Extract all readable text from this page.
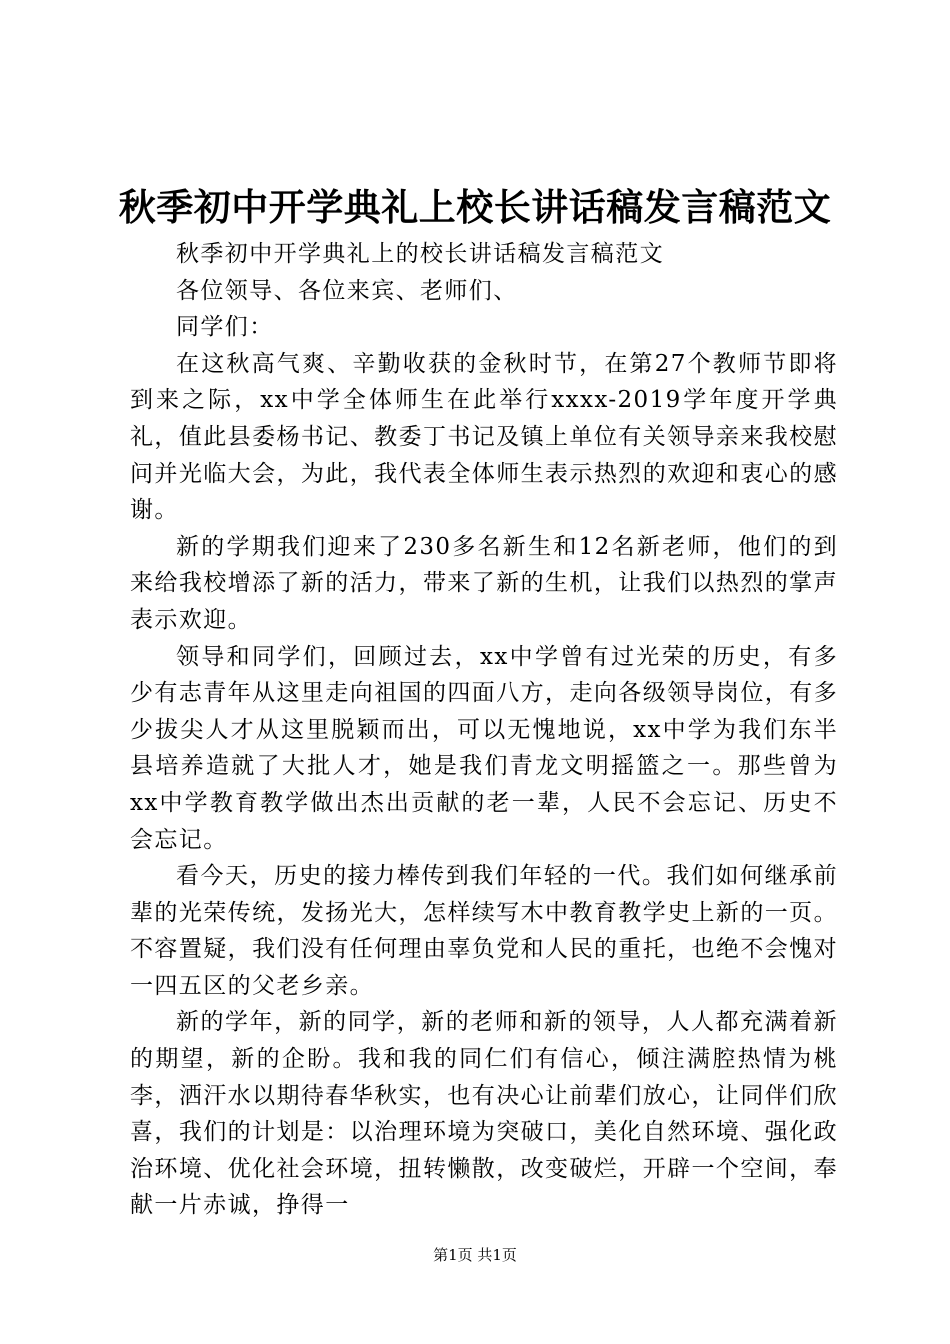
秋季初中开学典礼上校长讲话稿发言稿范文

秋季初中开学典礼上的校长讲话稿发言稿范文

各位领导、各位来宾、老师们、

同学们：

在这秋高气爽、辛勤收获的金秋时节，在第27个教师节即将到来之际，xx中学全体师生在此举行xxxx-2019学年度开学典礼，值此县委杨书记、教委丁书记及镇上单位有关领导亲来我校慰问并光临大会，为此，我代表全体师生表示热烈的欢迎和衷心的感谢。

新的学期我们迎来了230多名新生和12名新老师，他们的到来给我校增添了新的活力，带来了新的生机，让我们以热烈的掌声表示欢迎。

领导和同学们，回顾过去，xx中学曾有过光荣的历史，有多少有志青年从这里走向祖国的四面八方，走向各级领导岗位，有多少拔尖人才从这里脱颖而出，可以无愧地说，xx中学为我们东半县培养造就了大批人才，她是我们青龙文明摇篮之一。那些曾为xx中学教育教学做出杰出贡献的老一辈，人民不会忘记、历史不会忘记。

看今天，历史的接力棒传到我们年轻的一代。我们如何继承前辈的光荣传统，发扬光大，怎样续写木中教育教学史上新的一页。不容置疑，我们没有任何理由辜负党和人民的重托，也绝不会愧对一四五区的父老乡亲。

新的学年，新的同学，新的老师和新的领导，人人都充满着新的期望，新的企盼。我和我的同仁们有信心，倾注满腔热情为桃李，洒汗水以期待春华秋实，也有决心让前辈们放心，让同伴们欣喜，我们的计划是：以治理环境为突破口，美化自然环境、强化政治环境、优化社会环境，扭转懒散，改变破烂，开辟一个空间，奉献一片赤诚，挣得一

第1页 共1页
